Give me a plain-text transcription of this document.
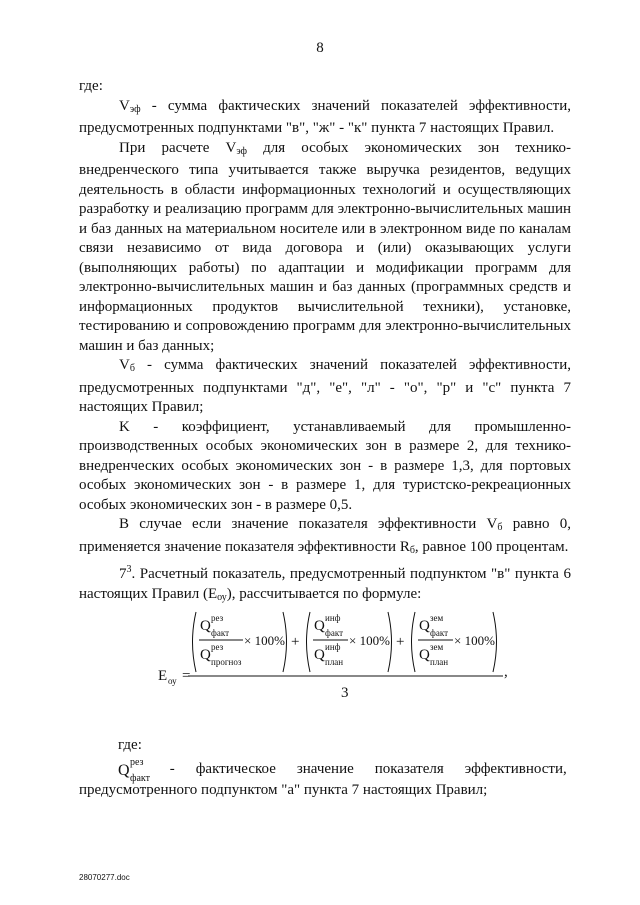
8

где:

$V_{эф}$ - сумма фактических значений показателей эффективности, предусмотренных подпунктами "в", "ж" - "к" пункта 7 настоящих Правил.

При расчете $V_{эф}$ для особых экономических зон технико-внедренческого типа учитывается также выручка резидентов, ведущих деятельность в области информационных технологий и осуществляющих разработку и реализацию программ для электронно-вычислительных машин и баз данных на материальном носителе или в электронном виде по каналам связи независимо от вида договора и (или) оказывающих услуги (выполняющих работы) по адаптации и модификации программ для электронно-вычислительных машин и баз данных (программных средств и информационных продуктов вычислительной техники), установке, тестированию и сопровождению программ для электронно-вычислительных машин и баз данных;

$V_б$ - сумма фактических значений показателей эффективности, предусмотренных подпунктами "д", "е", "л" - "о", "р" и "с" пункта 7 настоящих Правил;

K - коэффициент, устанавливаемый для промышленно-производственных особых экономических зон в размере 2, для технико-внедренческих особых экономических зон - в размере 1,3, для портовых особых экономических зон - в размере 1, для туристско-рекреационных особых экономических зон - в размере 0,5.

В случае если значение показателя эффективности $V_б$ равно 0, применяется значение показателя эффективности $R_б$, равное 100 процентам.

$7^3$. Расчетный показатель, предусмотренный подпунктом "в" пункта 6 настоящих Правил $(E_{оу})$, рассчитывается по формуле:

E оу =
Q рез
факт
Q рез
прогноз
× 100% +
Q инф
факт
Q инф
план
× 100% +
Q зем
факт
Q зем
план
× 100%
3
,
где:
Q рез
факт
- фактическое значение показателя эффективности,
предусмотренного подпунктом "а" пункта 7 настоящих Правил;
28070277.doc
